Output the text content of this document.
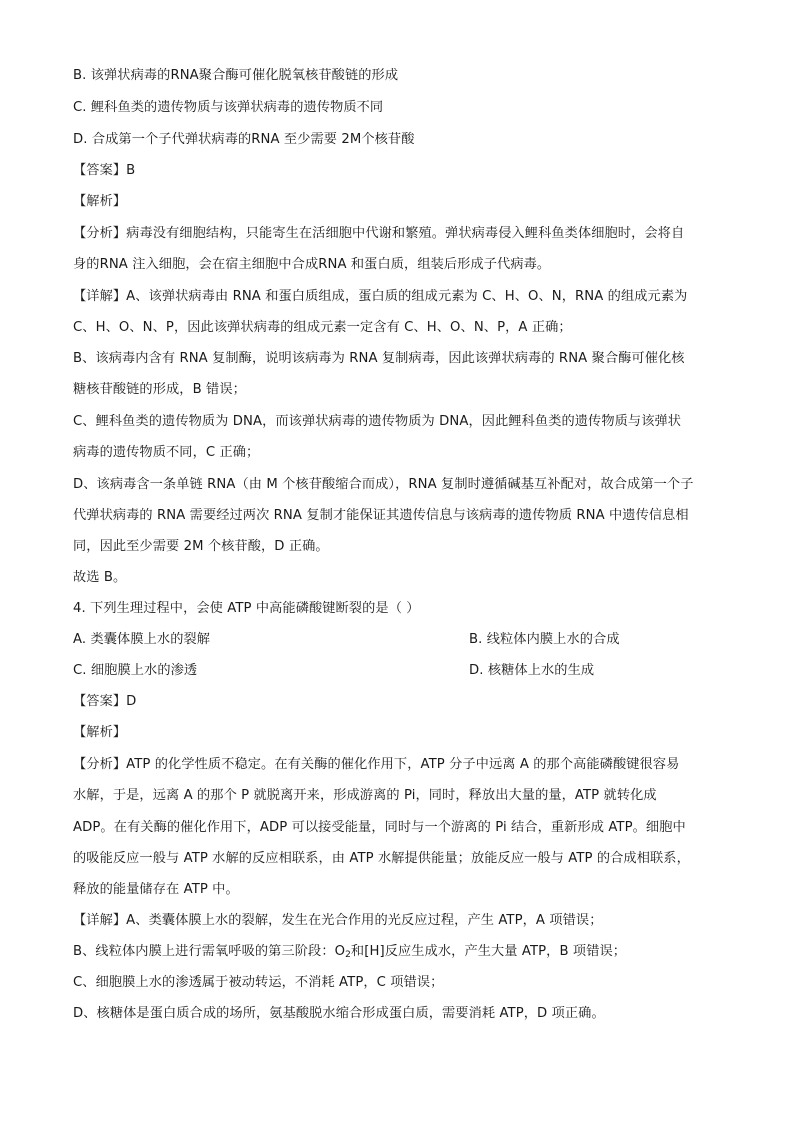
B. 该弹状病毒的RNA聚合酶可催化脱氧核苷酸链的形成
C. 鲤科鱼类的遗传物质与该弹状病毒的遗传物质不同
D. 合成第一个子代弹状病毒的RNA 至少需要 2M个核苷酸
【答案】B
【解析】
【分析】病毒没有细胞结构，只能寄生在活细胞中代谢和繁殖。弹状病毒侵入鲤科鱼类体细胞时，会将自
身的RNA 注入细胞，会在宿主细胞中合成RNA 和蛋白质，组装后形成子代病毒。
【详解】A、该弹状病毒由 RNA 和蛋白质组成，蛋白质的组成元素为 C、H、O、N，RNA 的组成元素为
C、H、O、N、P，因此该弹状病毒的组成元素一定含有 C、H、O、N、P，A 正确；
B、该病毒内含有 RNA 复制酶，说明该病毒为 RNA 复制病毒，因此该弹状病毒的 RNA 聚合酶可催化核
糖核苷酸链的形成，B 错误；
C、鲤科鱼类的遗传物质为 DNA，而该弹状病毒的遗传物质为 DNA，因此鲤科鱼类的遗传物质与该弹状
病毒的遗传物质不同，C 正确；
D、该病毒含一条单链 RNA（由 M 个核苷酸缩合而成），RNA 复制时遵循碱基互补配对，故合成第一个子
代弹状病毒的 RNA 需要经过两次 RNA 复制才能保证其遗传信息与该病毒的遗传物质 RNA 中遗传信息相
同，因此至少需要 2M 个核苷酸，D 正确。
故选 B。
4. 下列生理过程中，会使 ATP 中高能磷酸键断裂的是（ ）
A. 类囊体膜上水的裂解	B. 线粒体内膜上水的合成
C. 细胞膜上水的渗透	D. 核糖体上水的生成
【答案】D
【解析】
【分析】ATP 的化学性质不稳定。在有关酶的催化作用下，ATP 分子中远离 A 的那个高能磷酸键很容易
水解，于是，远离 A 的那个 P 就脱离开来，形成游离的 Pi，同时，释放出大量的量，ATP 就转化成
ADP。在有关酶的催化作用下，ADP 可以接受能量，同时与一个游离的 Pi 结合，重新形成 ATP。细胞中
的吸能反应一般与 ATP 水解的反应相联系，由 ATP 水解提供能量；放能反应一般与 ATP 的合成相联系，
释放的能量储存在 ATP 中。
【详解】A、类囊体膜上水的裂解，发生在光合作用的光反应过程，产生 ATP，A 项错误；
B、线粒体内膜上进行需氧呼吸的第三阶段：$O_2$和[H]反应生成水，产生大量 ATP，B 项错误；
C、细胞膜上水的渗透属于被动转运，不消耗 ATP，C 项错误；
D、核糖体是蛋白质合成的场所，氨基酸脱水缩合形成蛋白质，需要消耗 ATP，D 项正确。
